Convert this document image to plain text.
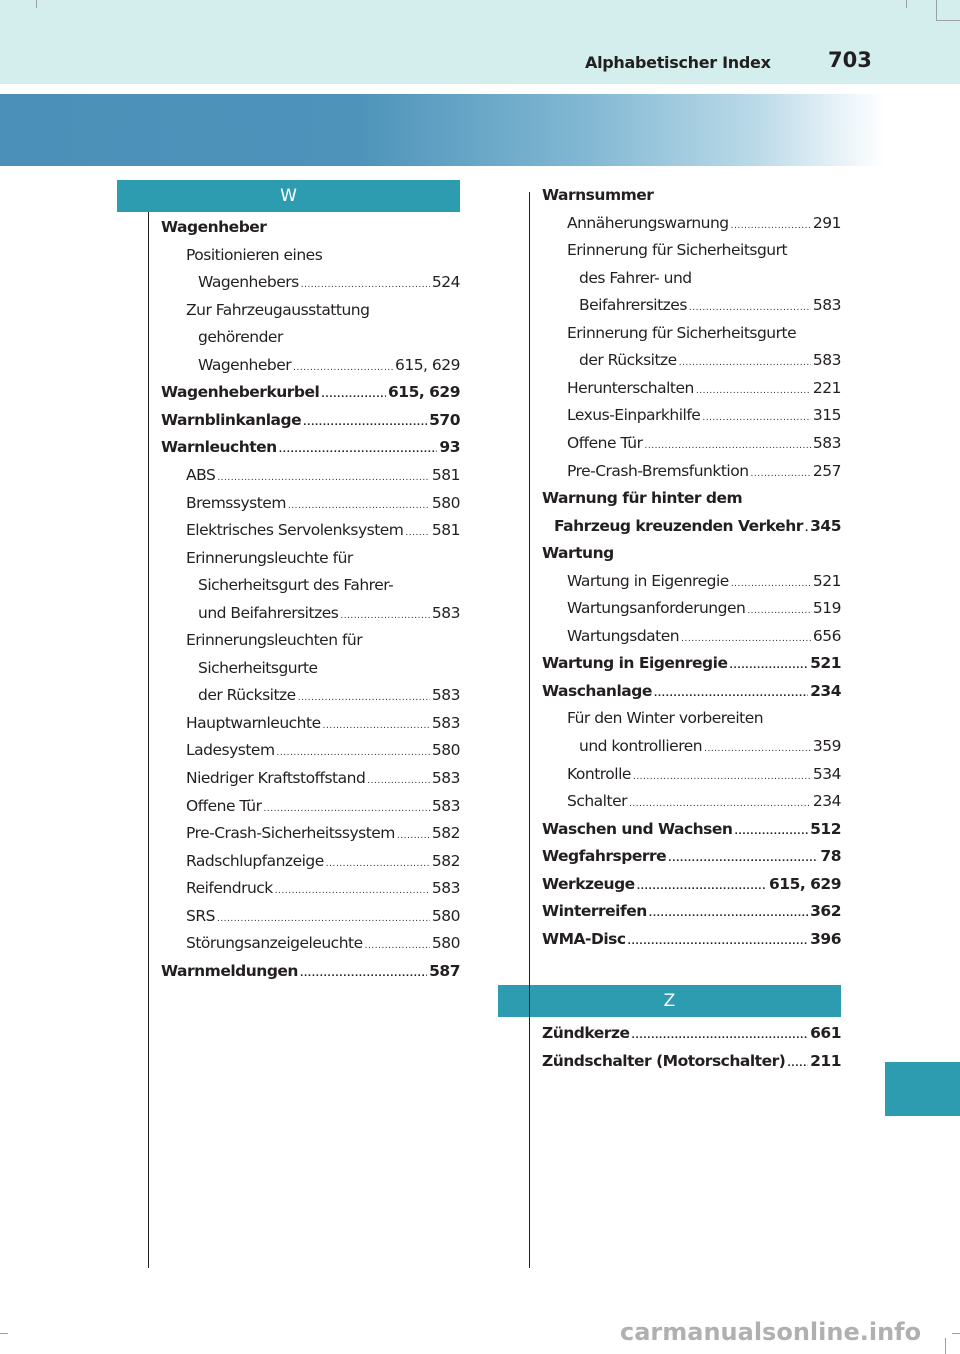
Alphabetischer Index	703
W
Z
carmanualsonline.info
Wagenheber
Positionieren eines
Wagenhebers .....	524
Zur Fahrzeugausstattung
gehörender
Wagenheber .....	615, 629
Wagenheberkurbel .....	615, 629
Warnblinkanlage .....	570
Warnleuchten .....	93
ABS .....	581
Bremssystem .....	580
Elektrisches Servolenksystem ..... 581
Erinnerungsleuchte für
Sicherheitsgurt des Fahrer-
und Beifahrersitzes .....	583
Erinnerungsleuchten für
Sicherheitsgurte
der Rücksitze .....	583
Hauptwarnleuchte .....	583
Ladesystem .....	580
Niedriger Kraftstoffstand .....	583
Offene Tür .....	583
Pre-Crash-Sicherheitssystem ..... 582
Radschlupfanzeige .....	582
Reifendruck .....	583
SRS .....	580
Störungsanzeigeleuchte .....	580
Warnmeldungen .....	587
Warnsummer
Annäherungswarnung .....	291
Erinnerung für Sicherheitsgurt
des Fahrer- und
Beifahrersitzes .....	583
Erinnerung für Sicherheitsgurte
der Rücksitze .....	583
Herunterschalten .....	221
Lexus-Einparkhilfe .....	315
Offene Tür .....	583
Pre-Crash-Bremsfunktion .....	257
Warnung für hinter dem
Fahrzeug kreuzenden Verkehr ..... 345
Wartung
Wartung in Eigenregie .....	521
Wartungsanforderungen .....	519
Wartungsdaten .....	656
Wartung in Eigenregie .....	521
Waschanlage .....	234
Für den Winter vorbereiten
und kontrollieren .....	359
Kontrolle .....	534
Schalter .....	234
Waschen und Wachsen .....	512
Wegfahrsperre .....	78
Werkzeuge .....	615, 629
Winterreifen .....	362
WMA-Disc .....	396
Zündkerze .....	661
Zündschalter (Motorschalter) ..... 211
